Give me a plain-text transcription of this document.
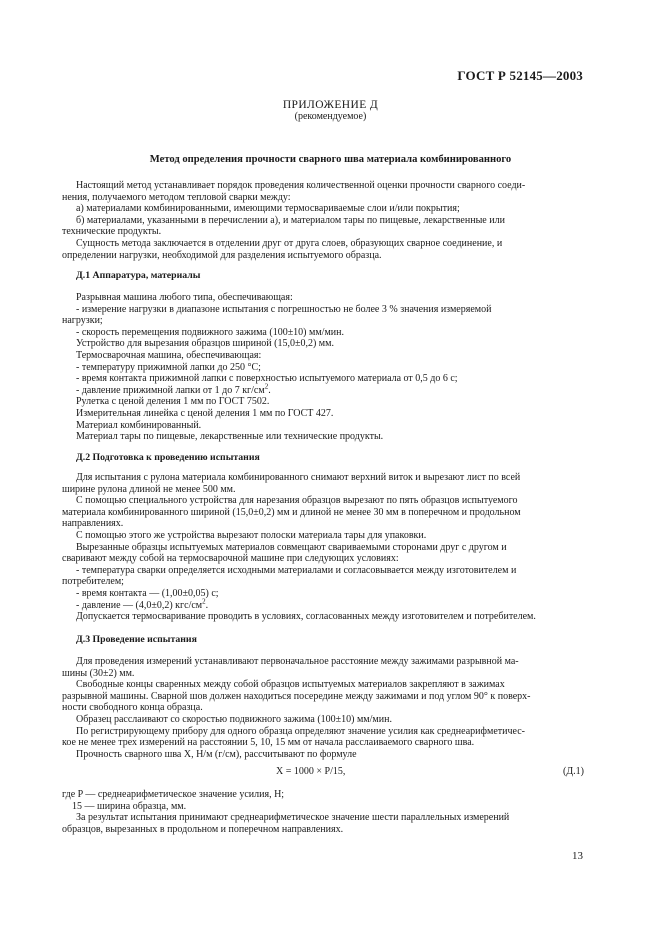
ГОСТ Р 52145—2003
ПРИЛОЖЕНИЕ Д
(рекомендуемое)
Метод определения прочности сварного шва материала комбинированного

Настоящий метод устанавливает порядок проведения количественной оценки прочности сварного соеди-

нения, получаемого методом тепловой сварки между:

а) материалами комбинированными, имеющими термосвариваемые слои и/или покрытия;

б) материалами, указанными в перечислении а), и материалом тары по пищевые, лекарственные или

технические продукты.

Сущность метода заключается в отделении друг от друга слоев, образующих сварное соединение, и

определении нагрузки, необходимой для разделения испытуемого образца.

Д.1 Аппаратура, материалы

Разрывная машина любого типа, обеспечивающая:

- измерение нагрузки в диапазоне испытания с погрешностью не более 3 % значения измеряемой

нагрузки;

- скорость перемещения подвижного зажима (100±10) мм/мин.

Устройство для вырезания образцов шириной (15,0±0,2) мм.

Термосварочная машина, обеспечивающая:

- температуру прижимной лапки до 250 °С;

- время контакта прижимной лапки с поверхностью испытуемого материала от 0,5 до 6 с;

- давление прижимной лапки от 1 до 7 $кг/см^2$.

Рулетка с ценой деления 1 мм по ГОСТ 7502.

Измерительная линейка с ценой деления 1 мм по ГОСТ 427.

Материал комбинированный.

Материал тары по пищевые, лекарственные или технические продукты.

Д.2 Подготовка к проведению испытания

Для испытания с рулона материала комбинированного снимают верхний виток и вырезают лист по всей

ширине рулона длиной не менее 500 мм.

С помощью специального устройства для нарезания образцов вырезают по пять образцов испытуемого

материала комбинированного шириной (15,0±0,2) мм и длиной не менее 30 мм в поперечном и продольном

направлениях.

С помощью этого же устройства вырезают полоски материала тары для упаковки.

Вырезанные образцы испытуемых материалов совмещают свариваемыми сторонами друг с другом и

сваривают между собой на термосварочной машине при следующих условиях:

- температура сварки определяется исходными материалами и согласовывается между изготовителем и

потребителем;

- время контакта — (1,00±0,05) с;

- давление — (4,0±0,2) кгс/$см^2$.

Допускается термосваривание проводить в условиях, согласованных между изготовителем и потребителем.

Д.3 Проведение испытания

Для проведения измерений устанавливают первоначальное расстояние между зажимами разрывной ма-

шины (30±2) мм.

Свободные концы сваренных между собой образцов испытуемых материалов закрепляют в зажимах

разрывной машины. Сварной шов должен находиться посередине между зажимами и под углом 90° к поверх-

ности свободного конца образца.

Образец расслаивают со скоростью подвижного зажима (100±10) мм/мин.

По регистрирующему прибору для одного образца определяют значение усилия как среднеарифметичес-

кое не менее трех измерений на расстоянии 5, 10, 15 мм от начала расслаиваемого сварного шва.

Прочность сварного шва X, Н/м (г/см), рассчитывают по формуле

X = 1000 × P/15,	(Д.1)

где P — среднеарифметическое значение усилия, Н;

15 — ширина образца, мм.

За результат испытания принимают среднеарифметическое значение шести параллельных измерений

образцов, вырезанных в продольном и поперечном направлениях.

13
